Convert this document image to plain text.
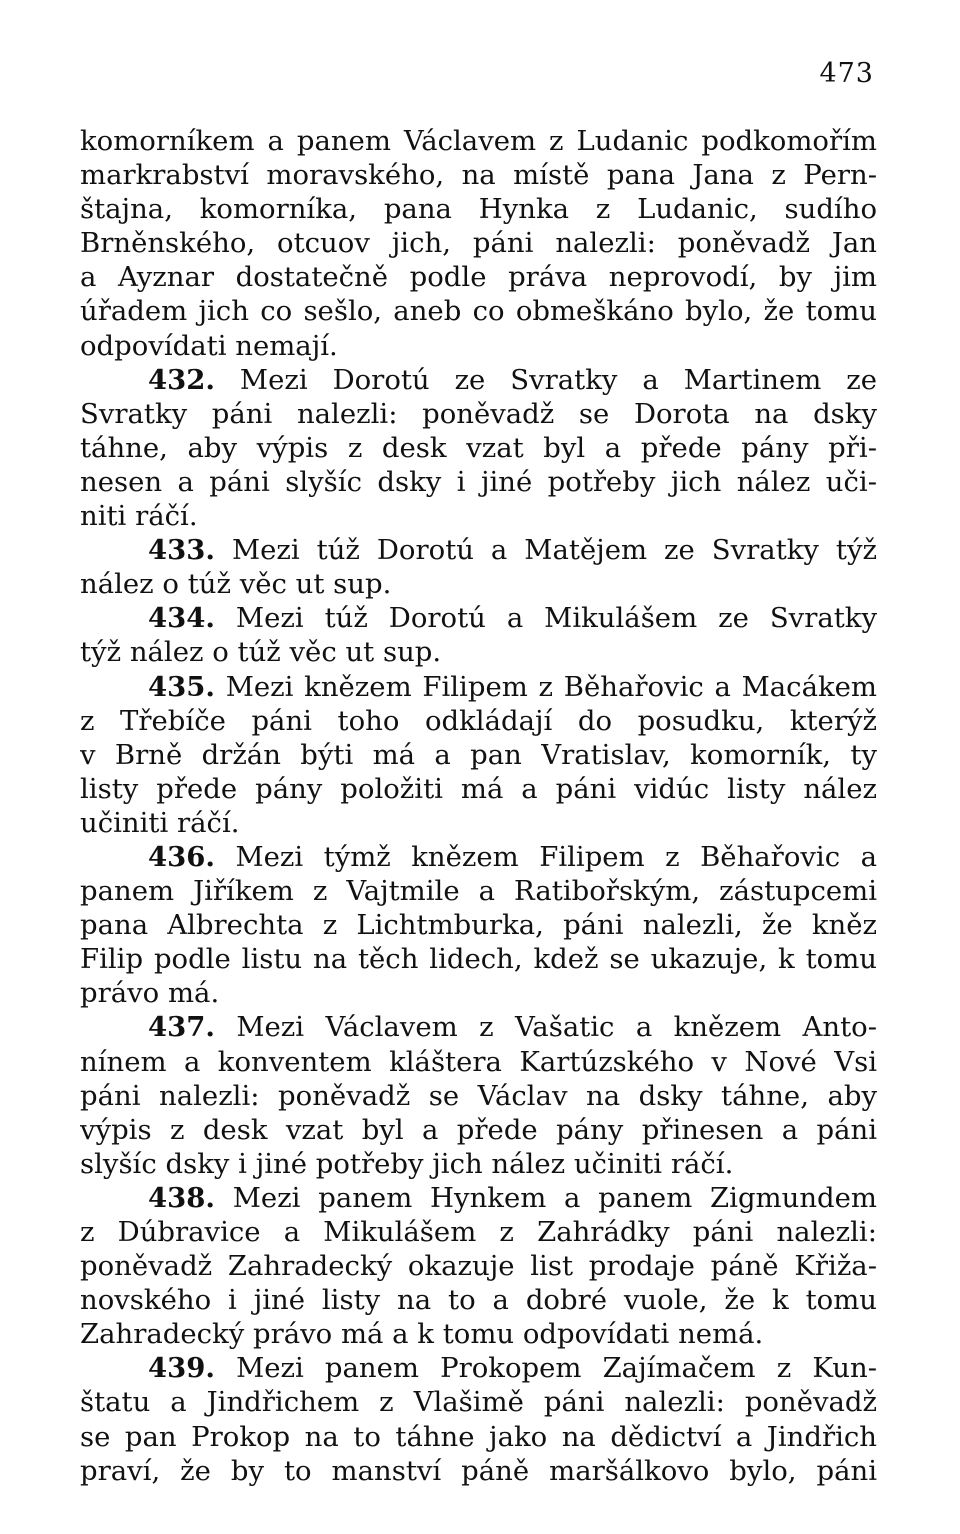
473
komorníkem a panem Václavem z Ludanic podkomořím
markrabství moravského, na místě pana Jana z Pern-
štajna, komorníka, pana Hynka z Ludanic, sudího
Brněnského, otcuov jich, páni nalezli: poněvadž Jan
a Ayznar dostatečně podle práva neprovodí, by jim
úřadem jich co sešlo, aneb co obmeškáno bylo, že tomu
odpovídati nemají.
432. Mezi Dorotú ze Svratky a Martinem ze
Svratky páni nalezli: poněvadž se Dorota na dsky
táhne, aby výpis z desk vzat byl a přede pány při-
nesen a páni slyšíc dsky i jiné potřeby jich nález uči-
niti ráčí.
433. Mezi túž Dorotú a Matějem ze Svratky týž
nález o túž věc ut sup.
434. Mezi túž Dorotú a Mikulášem ze Svratky
týž nález o túž věc ut sup.
435. Mezi knězem Filipem z Běhařovic a Macákem
z Třebíče páni toho odkládají do posudku, kterýž
v Brně držán býti má a pan Vratislav, komorník, ty
listy přede pány položiti má a páni vidúc listy nález
učiniti ráčí.
436. Mezi týmž knězem Filipem z Běhařovic a
panem Jiříkem z Vajtmile a Ratibořským, zástupcemi
pana Albrechta z Lichtmburka, páni nalezli, že kněz
Filip podle listu na těch lidech, kdež se ukazuje, k tomu
právo má.
437. Mezi Václavem z Vašatic a knězem Anto-
nínem a konventem kláštera Kartúzského v Nové Vsi
páni nalezli: poněvadž se Václav na dsky táhne, aby
výpis z desk vzat byl a přede pány přinesen a páni
slyšíc dsky i jiné potřeby jich nález učiniti ráčí.
438. Mezi panem Hynkem a panem Zigmundem
z Dúbravice a Mikulášem z Zahrádky páni nalezli:
poněvadž Zahradecký okazuje list prodaje páně Křiža-
novského i jiné listy na to a dobré vuole, že k tomu
Zahradecký právo má a k tomu odpovídati nemá.
439. Mezi panem Prokopem Zajímačem z Kun-
štatu a Jindřichem z Vlašimě páni nalezli: poněvadž
se pan Prokop na to táhne jako na dědictví a Jindřich
praví, že by to manství páně maršálkovo bylo, páni
